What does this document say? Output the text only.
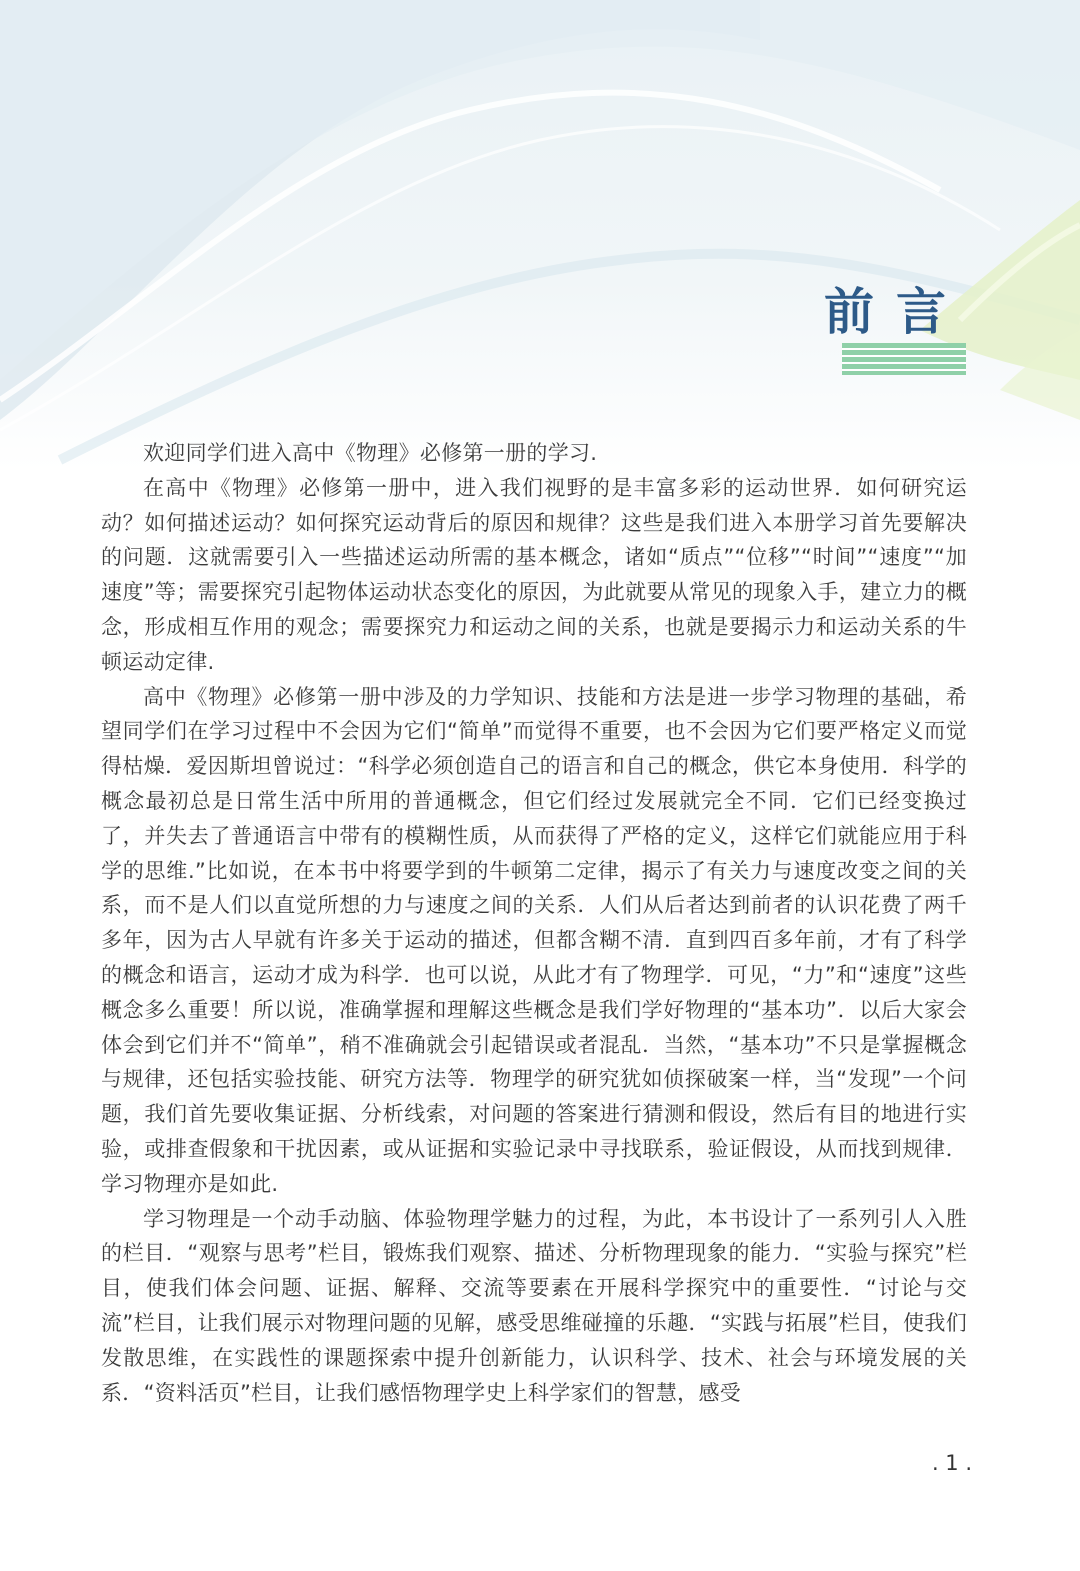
前言

欢迎同学们进入高中《物理》必修第一册的学习.

在高中《物理》必修第一册中，进入我们视野的是丰富多彩的运动世界．如何研究运动？如何描述运动？如何探究运动背后的原因和规律？这些是我们进入本册学习首先要解决的问题．这就需要引入一些描述运动所需的基本概念，诸如“质点”“位移”“时间”“速度”“加速度”等；需要探究引起物体运动状态变化的原因，为此就要从常见的现象入手，建立力的概念，形成相互作用的观念；需要探究力和运动之间的关系，也就是要揭示力和运动关系的牛顿运动定律.

高中《物理》必修第一册中涉及的力学知识、技能和方法是进一步学习物理的基础，希望同学们在学习过程中不会因为它们“简单”而觉得不重要，也不会因为它们要严格定义而觉得枯燥．爱因斯坦曾说过：“科学必须创造自己的语言和自己的概念，供它本身使用．科学的概念最初总是日常生活中所用的普通概念，但它们经过发展就完全不同．它们已经变换过了，并失去了普通语言中带有的模糊性质，从而获得了严格的定义，这样它们就能应用于科学的思维.”比如说，在本书中将要学到的牛顿第二定律，揭示了有关力与速度改变之间的关系，而不是人们以直觉所想的力与速度之间的关系．人们从后者达到前者的认识花费了两千多年，因为古人早就有许多关于运动的描述，但都含糊不清．直到四百多年前，才有了科学的概念和语言，运动才成为科学．也可以说，从此才有了物理学．可见，“力”和“速度”这些概念多么重要！所以说，准确掌握和理解这些概念是我们学好物理的“基本功”．以后大家会体会到它们并不“简单”，稍不准确就会引起错误或者混乱．当然，“基本功”不只是掌握概念与规律，还包括实验技能、研究方法等．物理学的研究犹如侦探破案一样，当“发现”一个问题，我们首先要收集证据、分析线索，对问题的答案进行猜测和假设，然后有目的地进行实验，或排查假象和干扰因素，或从证据和实验记录中寻找联系，验证假设，从而找到规律．学习物理亦是如此.

学习物理是一个动手动脑、体验物理学魅力的过程，为此，本书设计了一系列引人入胜的栏目．“观察与思考”栏目，锻炼我们观察、描述、分析物理现象的能力．“实验与探究”栏目，使我们体会问题、证据、解释、交流等要素在开展科学探究中的重要性．“讨论与交流”栏目，让我们展示对物理问题的见解，感受思维碰撞的乐趣．“实践与拓展”栏目，使我们发散思维，在实践性的课题探索中提升创新能力，认识科学、技术、社会与环境发展的关系．“资料活页”栏目，让我们感悟物理学史上科学家们的智慧，感受

. 1 .
